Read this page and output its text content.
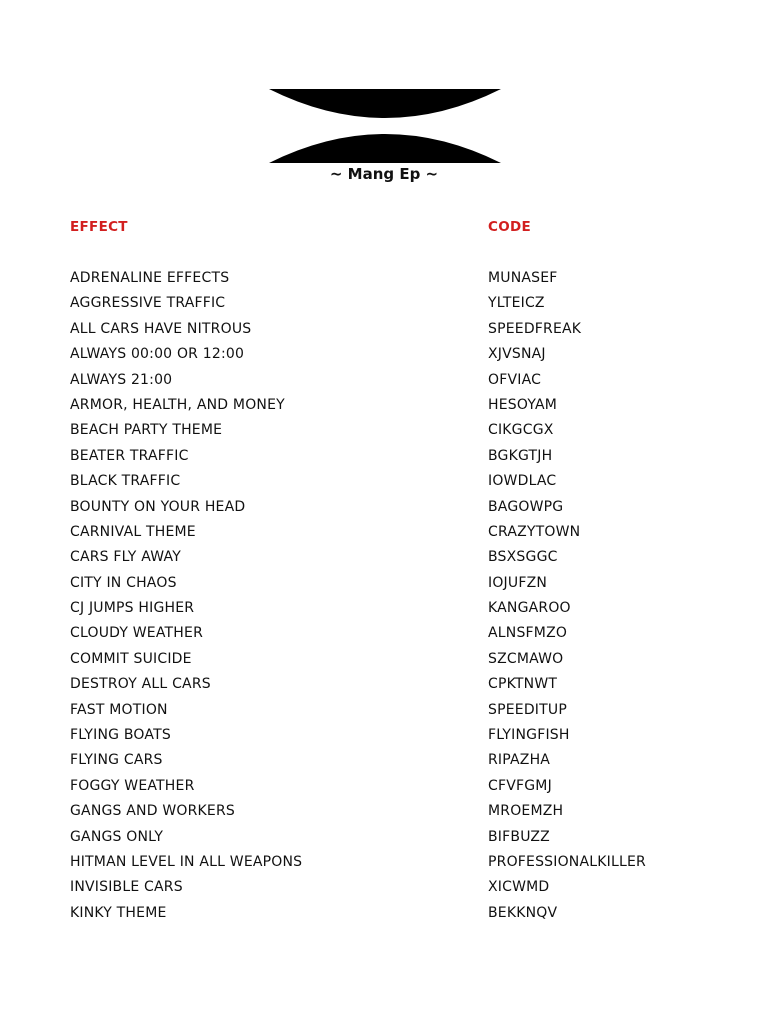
~ Mang Ep ~
EFFECT	CODE
ADRENALINE EFFECTS	MUNASEF
AGGRESSIVE TRAFFIC	YLTEICZ
ALL CARS HAVE NITROUS	SPEEDFREAK
ALWAYS 00:00 OR 12:00	XJVSNAJ
ALWAYS 21:00	OFVIAC
ARMOR, HEALTH, AND MONEY	HESOYAM
BEACH PARTY THEME	CIKGCGX
BEATER TRAFFIC	BGKGTJH
BLACK TRAFFIC	IOWDLAC
BOUNTY ON YOUR HEAD	BAGOWPG
CARNIVAL THEME	CRAZYTOWN
CARS FLY AWAY	BSXSGGC
CITY IN CHAOS	IOJUFZN
CJ JUMPS HIGHER	KANGAROO
CLOUDY WEATHER	ALNSFMZO
COMMIT SUICIDE	SZCMAWO
DESTROY ALL CARS	CPKTNWT
FAST MOTION	SPEEDITUP
FLYING BOATS	FLYINGFISH
FLYING CARS	RIPAZHA
FOGGY WEATHER	CFVFGMJ
GANGS AND WORKERS	MROEMZH
GANGS ONLY	BIFBUZZ
HITMAN LEVEL IN ALL WEAPONS	PROFESSIONALKILLER
INVISIBLE CARS	XICWMD
KINKY THEME	BEKKNQV
